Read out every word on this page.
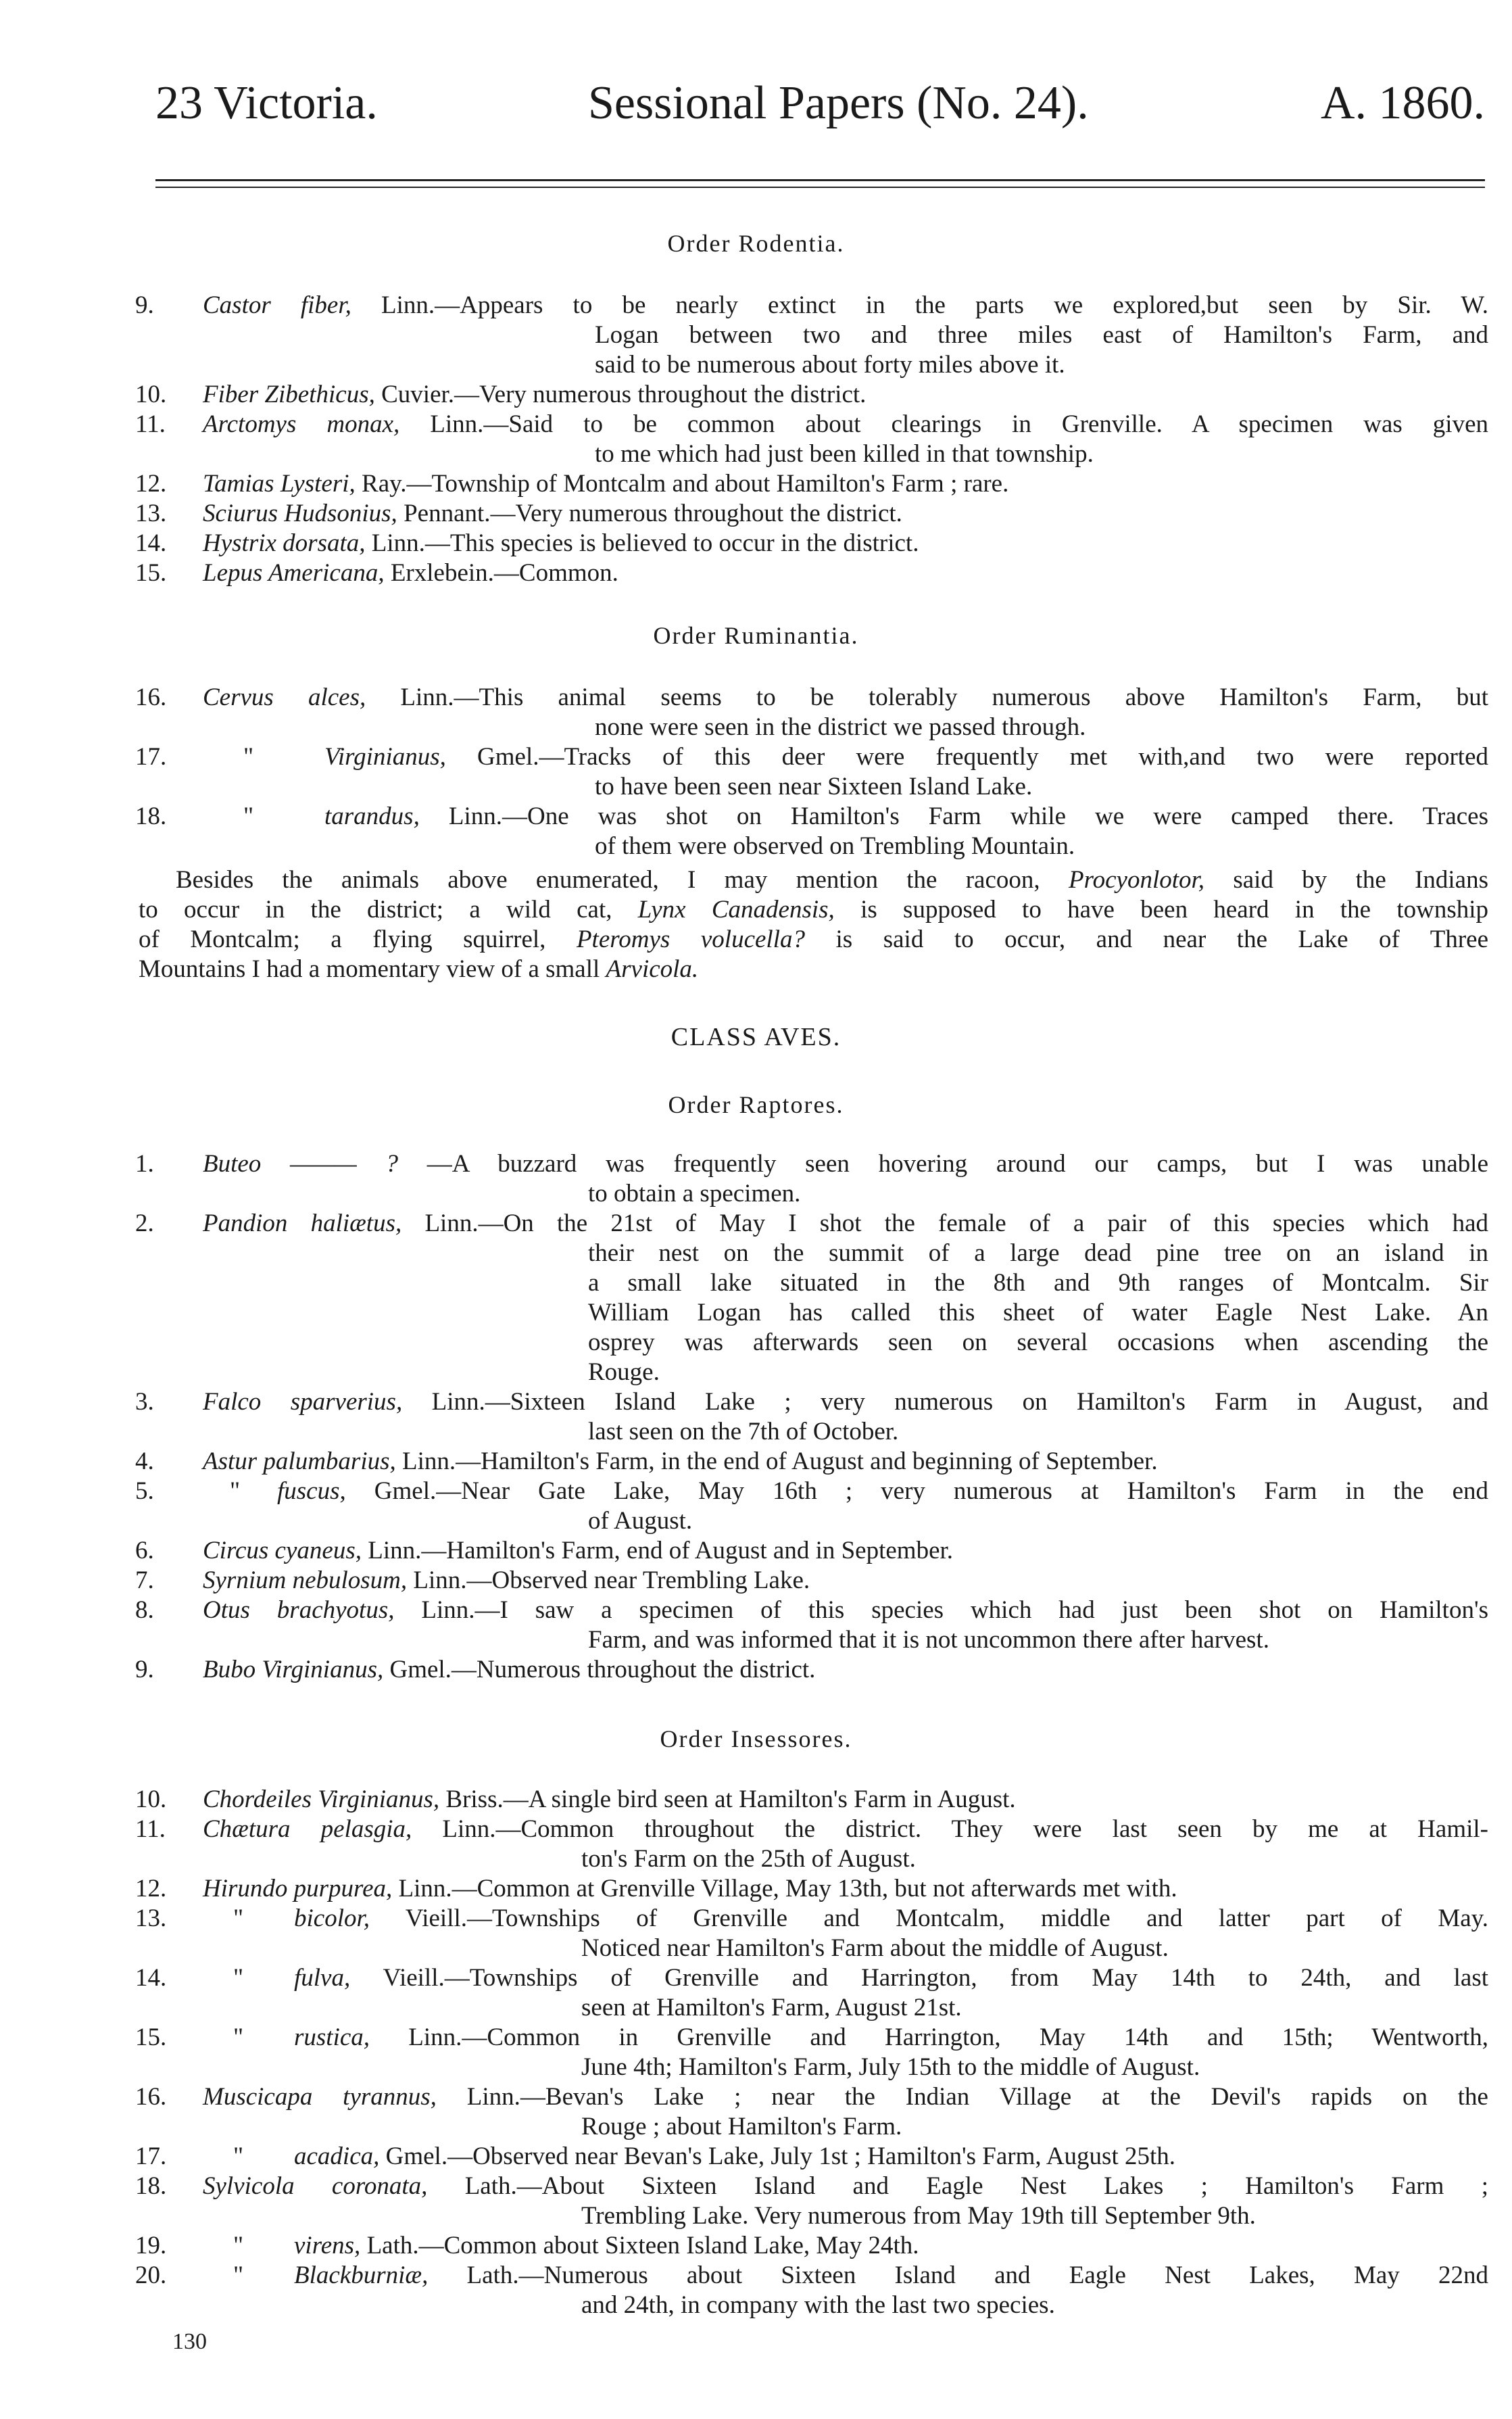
23 Victoria.	Sessional Papers (No. 24).	A. 1860.
Order Rodentia.
9. Castor fiber, Linn.—Appears to be nearly extinct in the parts we explored,but seen by Sir. W.
Logan between two and three miles east of Hamilton's Farm, and
said to be numerous about forty miles above it.
10. Fiber Zibethicus, Cuvier.—Very numerous throughout the district.
11. Arctomys monax, Linn.—Said to be common about clearings in Grenville. A specimen was given
to me which had just been killed in that township.
12. Tamias Lysteri, Ray.—Township of Montcalm and about Hamilton's Farm ; rare.
13. Sciurus Hudsonius, Pennant.—Very numerous throughout the district.
14. Hystrix dorsata, Linn.—This species is believed to occur in the district.
15. Lepus Americana, Erxlebein.—Common.
Order Ruminantia.
16. Cervus alces, Linn.—This animal seems to be tolerably numerous above Hamilton's Farm, but
none were seen in the district we passed through.
17.	"	Virginianus, Gmel.—Tracks of this deer were frequently met with,and two were reported
to have been seen near Sixteen Island Lake.
18.	"	tarandus, Linn.—One was shot on Hamilton's Farm while we were camped there. Traces
of them were observed on Trembling Mountain.
Besides the animals above enumerated, I may mention the racoon, Procyonlotor, said by the Indians
to occur in the district; a wild cat, Lynx Canadensis, is supposed to have been heard in the township
of Montcalm; a flying squirrel, Pteromys volucella? is said to occur, and near the Lake of Three
Mountains I had a momentary view of a small Arvicola.
CLASS AVES.
Order Raptores.
1. Buteo ——— ? —A buzzard was frequently seen hovering around our camps, but I was unable
to obtain a specimen.
2. Pandion haliætus, Linn.—On the 21st of May I shot the female of a pair of this species which had
their nest on the summit of a large dead pine tree on an island in
a small lake situated in the 8th and 9th ranges of Montcalm. Sir
William Logan has called this sheet of water Eagle Nest Lake. An
osprey was afterwards seen on several occasions when ascending the
Rouge.
3. Falco sparverius, Linn.—Sixteen Island Lake ; very numerous on Hamilton's Farm in August, and
last seen on the 7th of October.
4. Astur palumbarius, Linn.—Hamilton's Farm, in the end of August and beginning of September.
5.	" fuscus, Gmel.—Near Gate Lake, May 16th ; very numerous at Hamilton's Farm in the end
of August.
6. Circus cyaneus, Linn.—Hamilton's Farm, end of August and in September.
7. Syrnium nebulosum, Linn.—Observed near Trembling Lake.
8. Otus brachyotus, Linn.—I saw a specimen of this species which had just been shot on Hamilton's
Farm, and was informed that it is not uncommon there after harvest.
9. Bubo Virginianus, Gmel.—Numerous throughout the district.
Order Insessores.
10. Chordeiles Virginianus, Briss.—A single bird seen at Hamilton's Farm in August.
11. Chætura pelasgia, Linn.—Common throughout the district. They were last seen by me at Hamil-
ton's Farm on the 25th of August.
12. Hirundo purpurea, Linn.—Common at Grenville Village, May 13th, but not afterwards met with.
13.	" bicolor, Vieill.—Townships of Grenville and Montcalm, middle and latter part of May.
Noticed near Hamilton's Farm about the middle of August.
14.	" fulva, Vieill.—Townships of Grenville and Harrington, from May 14th to 24th, and last
seen at Hamilton's Farm, August 21st.
15.	" rustica, Linn.—Common in Grenville and Harrington, May 14th and 15th; Wentworth,
June 4th; Hamilton's Farm, July 15th to the middle of August.
16. Muscicapa tyrannus, Linn.—Bevan's Lake ; near the Indian Village at the Devil's rapids on the
Rouge ; about Hamilton's Farm.
17.	" acadica, Gmel.—Observed near Bevan's Lake, July 1st ; Hamilton's Farm, August 25th.
18. Sylvicola coronata, Lath.—About Sixteen Island and Eagle Nest Lakes ; Hamilton's Farm ;
Trembling Lake. Very numerous from May 19th till September 9th.
19.	" virens, Lath.—Common about Sixteen Island Lake, May 24th.
20.	" Blackburniæ, Lath.—Numerous about Sixteen Island and Eagle Nest Lakes, May 22nd
and 24th, in company with the last two species.
130
